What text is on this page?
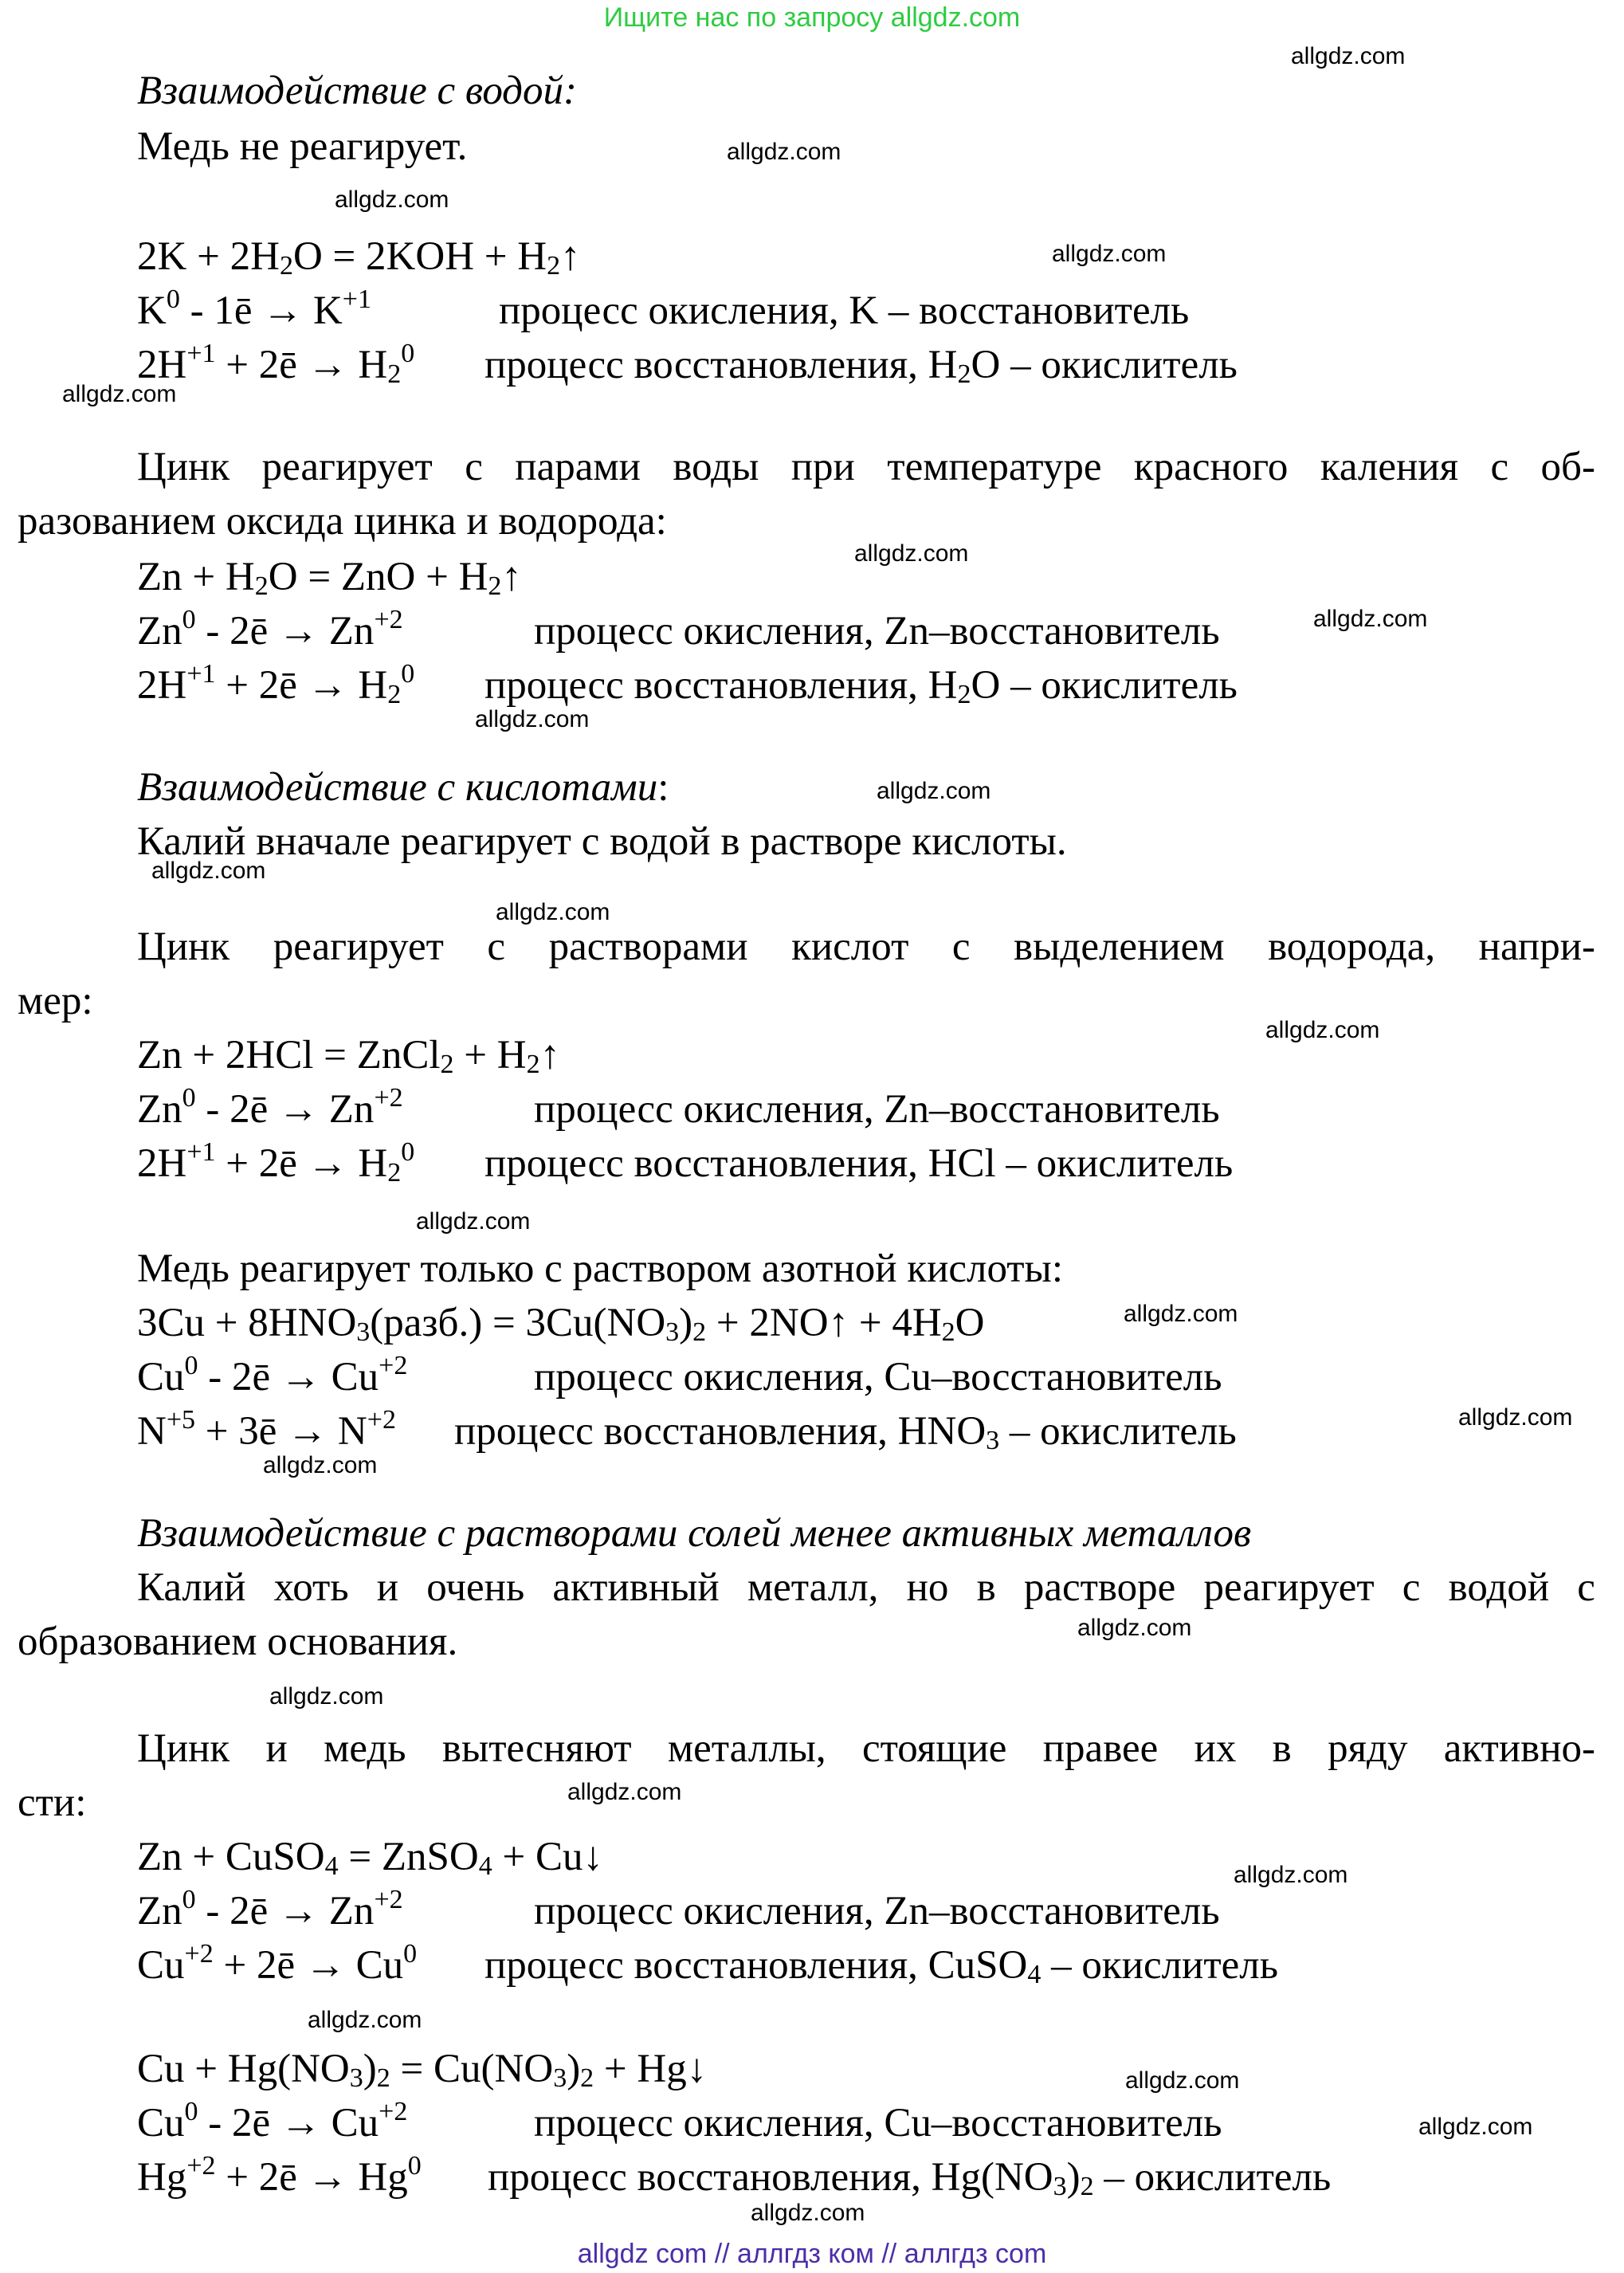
Ищите нас по запросу allgdz.com
Взаимодействие с водой:
Медь не реагирует.
$2K + 2H_2O = 2KOH$ + $H_2↑$
$K^0$ - 1ē → $K^{+1}$	процесс окисления, K – восстановитель
$2H^{+1}$ + 2ē → $H_2^0$ процесс восстановления, $H_2O$ – окислитель
Цинк реагирует с парами воды при температуре красного каления с об-
разованием оксида цинка и водорода:
$Zn + H_2O$ = ZnO + $H_2↑$
Zn$^0$ - 2ē → $Zn^{+2}$	процесс окисления, Zn–восстановитель
$2H^{+1}$ + 2ē → $H_2^0$ процесс восстановления, $H_2O$ – окислитель
Взаимодействие с кислотами:
Калий вначале реагирует с водой в растворе кислоты.
Цинк реагирует с растворами кислот с выделением водорода, напри-
мер:
Zn + 2HCl = ZnCl$_2$ + $H_2↑$
Zn$^0$ - 2ē → $Zn^{+2}$	процесс окисления, Zn–восстановитель
$2H^{+1}$ + 2ē → $H_2^0$ процесс восстановления, HCl – окислитель
Медь реагирует только с раствором азотной кислоты:
$3Cu + 8HNO_3(разб.) = 3Cu(NO_3)_2$ + 2NO↑ + $4H_2O$
Cu$^0$ - 2ē → $Cu^{+2}$	процесс окисления, Cu–восстановитель
$N^{+5}$ + 3ē → $N^{+2}$ процесс восстановления, $HNO_3$ – окислитель
Взаимодействие с растворами солей менее активных металлов
Калий хоть и очень активный металл, но в растворе реагирует с водой с
образованием основания.
Цинк и медь вытесняют металлы, стоящие правее их в ряду активно-
сти:
Zn + CuSO$_4$ = ZnSO$_4$ + Cu↓
Zn$^0$ - 2ē → $Zn^{+2}$	процесс окисления, Zn–восстановитель
$Cu^{+2}$ + 2ē → $Cu^0$ процесс восстановления, CuSO$_4$ – окислитель
$Cu + Hg(NO_3)_2 = Cu(NO_3)_2$ + Hg↓
Cu$^0$ - 2ē → $Cu^{+2}$	процесс окисления, Cu–восстановитель
$Hg^{+2}$ + 2ē → $Hg^0$ процесс восстановления, $Hg(NO_3)_2$ – окислитель
allgdz.com
allgdz.com
allgdz.com
allgdz.com
allgdz.com
allgdz.com
allgdz.com
allgdz.com
allgdz.com
allgdz.com
allgdz.com
allgdz.com
allgdz.com
allgdz.com
allgdz.com
allgdz.com
allgdz.com
allgdz.com
allgdz.com
allgdz.com
allgdz.com
allgdz.com
allgdz.com
allgdz.com
allgdz com // аллгдз ком // аллгдз com
